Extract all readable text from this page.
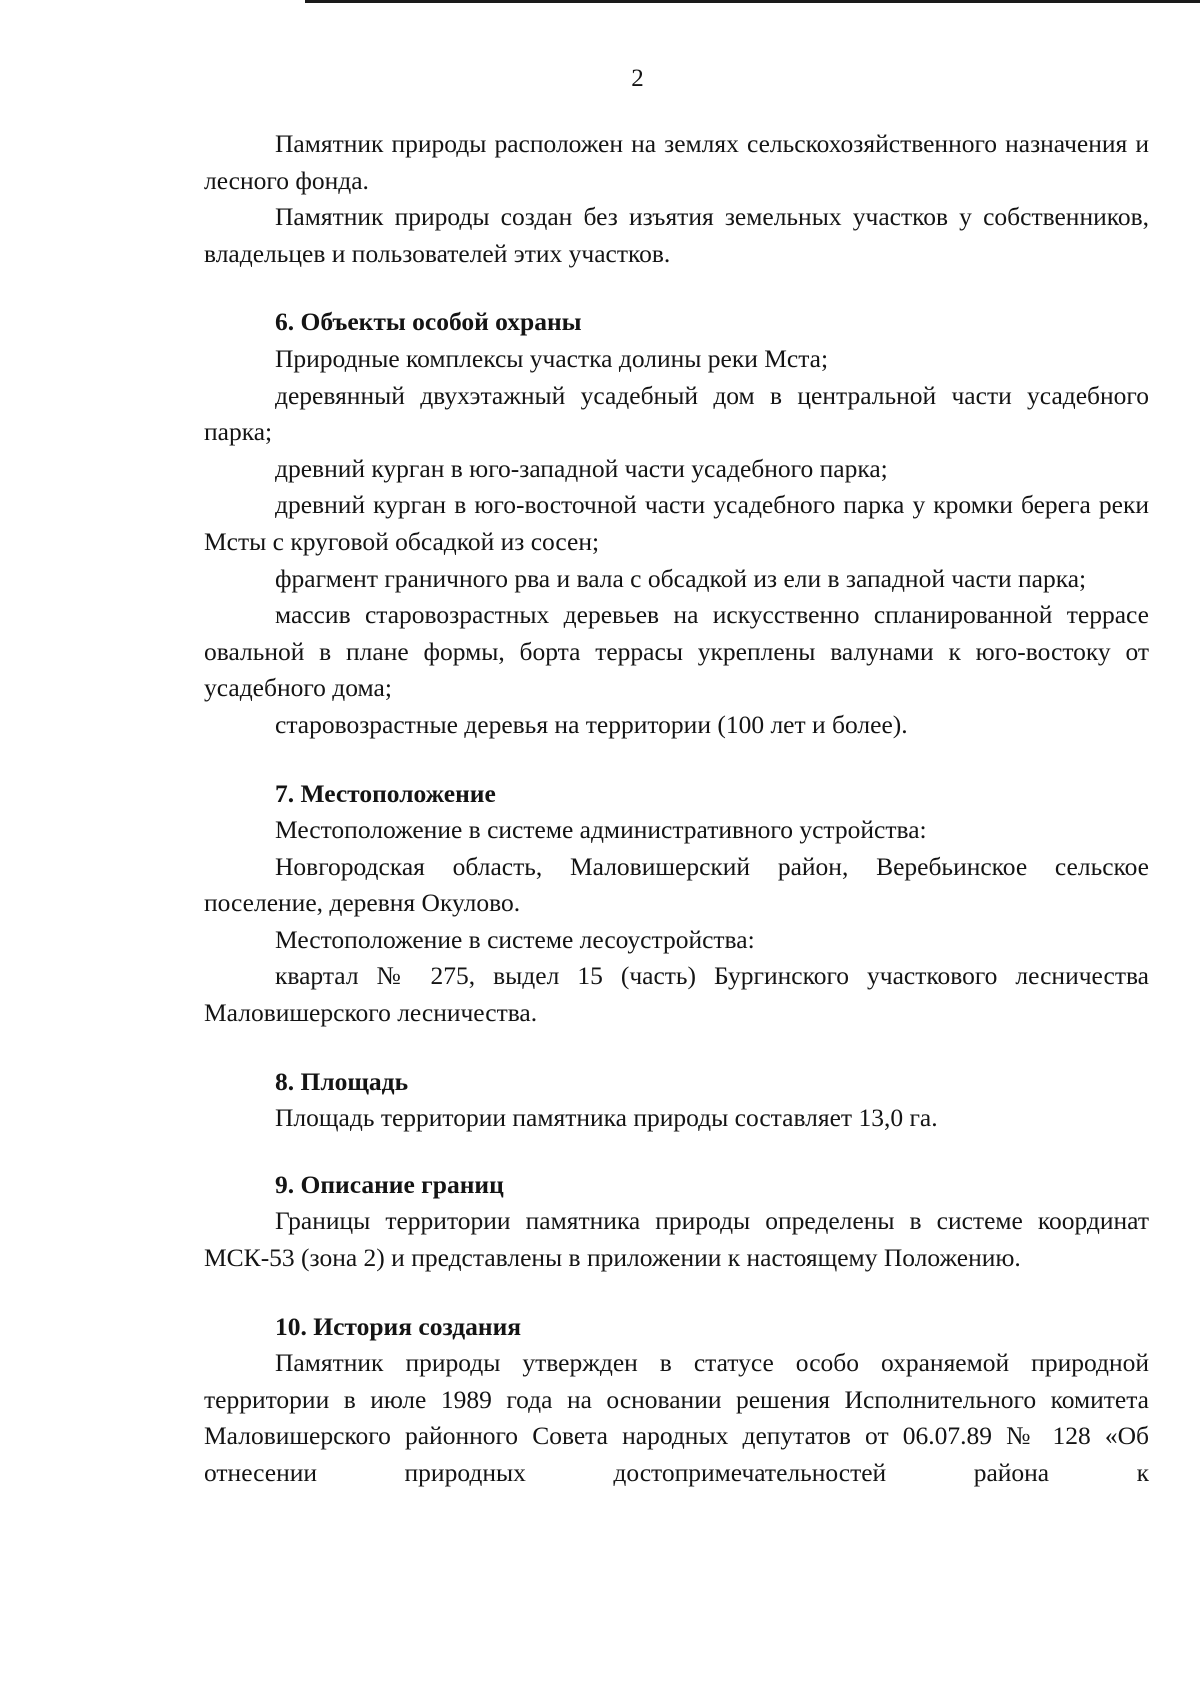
2

Памятник природы расположен на землях сельскохозяйственного назначения и лесного фонда.

Памятник природы создан без изъятия земельных участков у собственников, владельцев и пользователей этих участков.

6. Объекты особой охраны

Природные комплексы участка долины реки Мста;

деревянный двухэтажный усадебный дом в центральной части усадебного парка;

древний курган в юго-западной части усадебного парка;

древний курган в юго-восточной части усадебного парка у кромки берега реки Мсты с круговой обсадкой из сосен;

фрагмент граничного рва и вала с обсадкой из ели в западной части парка;

массив старовозрастных деревьев на искусственно спланированной террасе овальной в плане формы, борта террасы укреплены валунами к юго-востоку от усадебного дома;

старовозрастные деревья на территории (100 лет и более).

7. Местоположение

Местоположение в системе административного устройства:

Новгородская область, Маловишерский район, Веребьинское сельское поселение, деревня Окулово.

Местоположение в системе лесоустройства:

квартал № 275, выдел 15 (часть) Бургинского участкового лесничества Маловишерского лесничества.

8. Площадь

Площадь территории памятника природы составляет 13,0 га.

9. Описание границ

Границы территории памятника природы определены в системе координат МСК-53 (зона 2) и представлены в приложении к настоящему Положению.

10. История создания

Памятник природы утвержден в статусе особо охраняемой природной территории в июле 1989 года на основании решения Исполнительного комитета Маловишерского районного Совета народных депутатов от 06.07.89 № 128 «Об отнесении природных достопримечательностей района к
